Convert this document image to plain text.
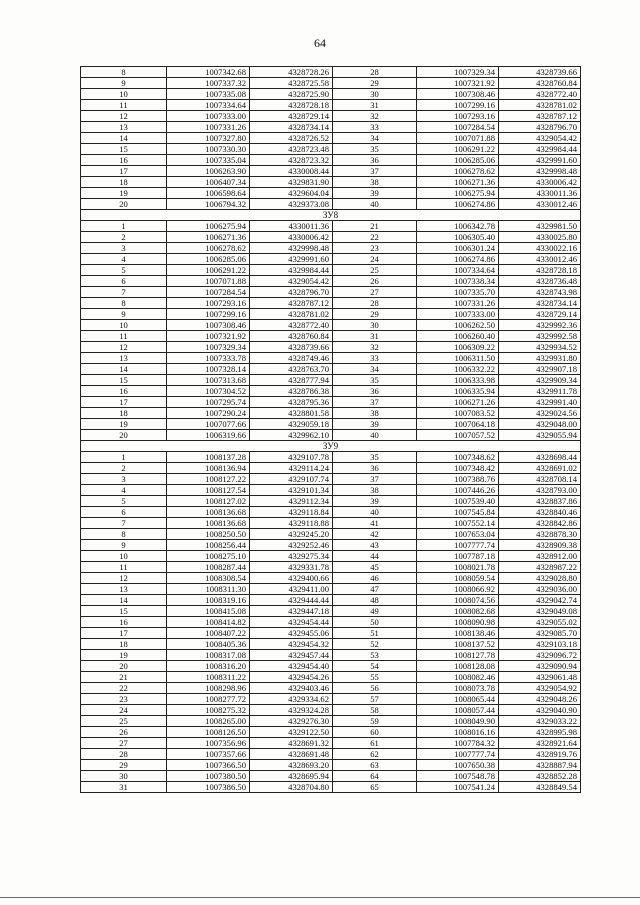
64
8	1007342.68	4328728.26	28	1007329.34	4328739.66
9	1007337.32	4328725.58	29	1007321.92	4328760.84
10	1007335.08	4328725.90	30	1007308.46	4328772.40
11	1007334.64	4328728.18	31	1007299.16	4328781.02
12	1007333.00	4328729.14	32	1007293.16	4328787.12
13	1007331.26	4328734.14	33	1007284.54	4328796.70
14	1007327.80	4328726.52	34	1007071.88	4329054.42
15	1007330.30	4328723.48	35	1006291.22	4329984.44
16	1007335.04	4328723.32	36	1006285.06	4329991.60
17	1006263.90	4330008.44	37	1006278.62	4329998.48
18	1006407.34	4329831.90	38	1006271.36	4330006.42
19	1006598.64	4329604.04	39	1006275.94	4330011.36
20	1006794.32	4329373.08	40	1006274.86	4330012.46
ЗУ8					
1	1006275.94	4330011.36	21	1006342.78	4329981.50
2	1006271.36	4330006.42	22	1006305.40	4330025.80
3	1006278.62	4329998.48	23	1006301.24	4330022.16
4	1006285.06	4329991.60	24	1006274.86	4330012.46
5	1006291.22	4329984.44	25	1007334.64	4328728.18
6	1007071.88	4329054.42	26	1007338.34	4328736.48
7	1007284.54	4328796.70	27	1007335.70	4328743.98
8	1007293.16	4328787.12	28	1007331.26	4328734.14
9	1007299.16	4328781.02	29	1007333.00	4328729.14
10	1007308.46	4328772.40	30	1006262.50	4329992.36
11	1007321.92	4328760.84	31	1006260.40	4329992.58
12	1007329.34	4328739.66	32	1006309.22	4329934.52
13	1007333.78	4328749.46	33	1006311.50	4329931.80
14	1007328.14	4328763.70	34	1006332.22	4329907.18
15	1007313.68	4328777.94	35	1006333.98	4329909.34
16	1007304.52	4328786.38	36	1006335.94	4329911.78
17	1007295.74	4328795.36	37	1006271.26	4329991.40
18	1007290.24	4328801.58	38	1007083.52	4329024.56
19	1007077.66	4329059.18	39	1007064.18	4329048.00
20	1006319.66	4329962.10	40	1007057.52	4329055.94
ЗУ9					
1	1008137.28	4329107.78	35	1007348.62	4328698.44
2	1008136.94	4329114.24	36	1007348.42	4328691.02
3	1008127.22	4329107.74	37	1007388.76	4328708.14
4	1008127.54	4329101.34	38	1007446.26	4328793.00
5	1008127.02	4329112.34	39	1007539.40	4328837.86
6	1008136.68	4329118.84	40	1007545.84	4328840.46
7	1008136.68	4329118.88	41	1007552.14	4328842.86
8	1008250.50	4329245.20	42	1007653.04	4328878.30
9	1008256.44	4329252.46	43	1007777.74	4328909.38
10	1008275.10	4329275.34	44	1007787.18	4328912.00
11	1008287.44	4329331.78	45	1008021.78	4328987.22
12	1008308.54	4329400.66	46	1008059.54	4329028.80
13	1008311.30	4329411.00	47	1008066.92	4329036.00
14	1008319.16	4329444.44	48	1008074.56	4329042.74
15	1008415.08	4329447.18	49	1008082.68	4329049.08
16	1008414.82	4329454.44	50	1008090.98	4329055.02
17	1008407.22	4329455.06	51	1008138.46	4329085.70
18	1008405.36	4329454.32	52	1008137.52	4329103.18
19	1008317.08	4329457.44	53	1008127.78	4329096.72
20	1008316.20	4329454.40	54	1008128.08	4329090.94
21	1008311.22	4329454.26	55	1008082.46	4329061.48
22	1008298.96	4329403.46	56	1008073.78	4329054.92
23	1008277.72	4329334.62	57	1008065.44	4329048.26
24	1008275.32	4329324.28	58	1008057.44	4329040.90
25	1008265.00	4329276.30	59	1008049.90	4329033.22
26	1008126.50	4329122.50	60	1008016.16	4328995.98
27	1007356.96	4328691.32	61	1007784.32	4328921.64
28	1007357.66	4328691.48	62	1007777.74	4328919.76
29	1007366.50	4328693.20	63	1007650.38	4328887.94
30	1007380.50	4328695.94	64	1007548.78	4328852.28
31	1007386.50	4328704.80	65	1007541.24	4328849.54
